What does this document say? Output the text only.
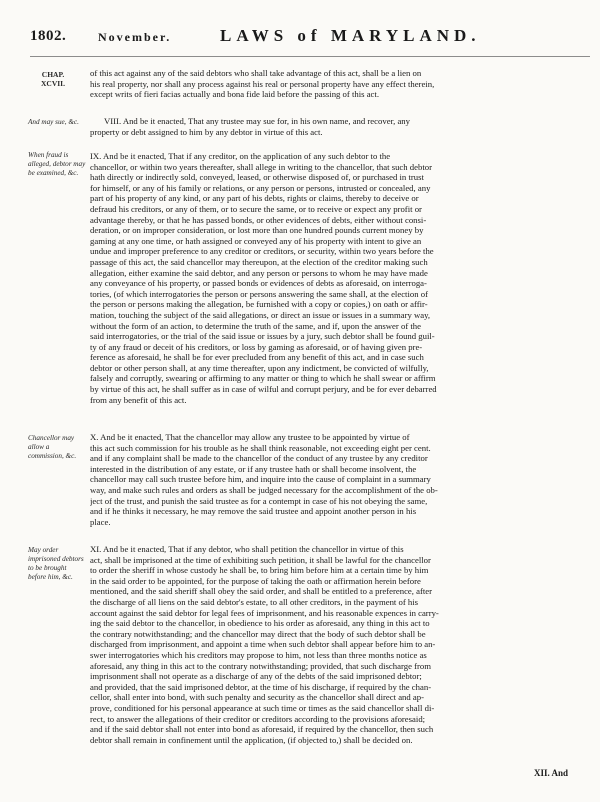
1802.	November.	LAWS of MARYLAND.
CHAP. XCVII.
And may sue, &c.
When fraud is alleged, debtor may be examined, &c.
Chancellor may allow a commission, &c.
May order imprisoned debtors to be brought before him, &c.
of this act against any of the said debtors who shall take advantage of this act, shall be a lien on
his real property, nor shall any process against his real or personal property have any effect therein,
except writs of fieri facias actually and bona fide laid before the passing of this act.
VIII. And be it enacted, That any trustee may sue for, in his own name, and recover, any
property or debt assigned to him by any debtor in virtue of this act.
IX. And be it enacted, That if any creditor, on the application of any such debtor to the
chancellor, or within two years thereafter, shall allege in writing to the chancellor, that such debtor
hath directly or indirectly sold, conveyed, leased, or otherwise disposed of, or purchased in trust
for himself, or any of his family or relations, or any person or persons, intrusted or concealed, any
part of his property of any kind, or any part of his debts, rights or claims, thereby to deceive or
defraud his creditors, or any of them, or to secure the same, or to receive or expect any profit or
advantage thereby, or that he has passed bonds, or other evidences of debts, either without consi-
deration, or on improper consideration, or lost more than one hundred pounds current money by
gaming at any one time, or hath assigned or conveyed any of his property with intent to give an
undue and improper preference to any creditor or creditors, or security, within two years before the
passage of this act, the said chancellor may thereupon, at the election of the creditor making such
allegation, either examine the said debtor, and any person or persons to whom he may have made
any conveyance of his property, or passed bonds or evidences of debts as aforesaid, on interroga-
tories, (of which interrogatories the person or persons answering the same shall, at the election of
the person or persons making the allegation, be furnished with a copy or copies,) on oath or affir-
mation, touching the subject of the said allegations, or direct an issue or issues in a summary way,
without the form of an action, to determine the truth of the same, and if, upon the answer of the
said interrogatories, or the trial of the said issue or issues by a jury, such debtor shall be found guil-
ty of any fraud or deceit of his creditors, or loss by gaming as aforesaid, or of having given pre-
ference as aforesaid, he shall be for ever precluded from any benefit of this act, and in case such
debtor or other person shall, at any time thereafter, upon any indictment, be convicted of wilfully,
falsely and corruptly, swearing or affirming to any matter or thing to which he shall swear or affirm
by virtue of this act, he shall suffer as in case of wilful and corrupt perjury, and be for ever debarred
from any benefit of this act.
X. And be it enacted, That the chancellor may allow any trustee to be appointed by virtue of
this act such commission for his trouble as he shall think reasonable, not exceeding eight per cent.
and if any complaint shall be made to the chancellor of the conduct of any trustee by any creditor
interested in the distribution of any estate, or if any trustee hath or shall become insolvent, the
chancellor may call such trustee before him, and inquire into the cause of complaint in a summary
way, and make such rules and orders as shall be judged necessary for the accomplishment of the ob-
ject of the trust, and punish the said trustee as for a contempt in case of his not obeying the same,
and if he thinks it necessary, he may remove the said trustee and appoint another person in his
place.
XI. And be it enacted, That if any debtor, who shall petition the chancellor in virtue of this
act, shall be imprisoned at the time of exhibiting such petition, it shall be lawful for the chancellor
to order the sheriff in whose custody he shall be, to bring him before him at a certain time by him
in the said order to be appointed, for the purpose of taking the oath or affirmation herein before
mentioned, and the said sheriff shall obey the said order, and shall be entitled to a preference, after
the discharge of all liens on the said debtor's estate, to all other creditors, in the payment of his
account against the said debtor for legal fees of imprisonment, and his reasonable expences in carry-
ing the said debtor to the chancellor, in obedience to his order as aforesaid, any thing in this act to
the contrary notwithstanding; and the chancellor may direct that the body of such debtor shall be
discharged from imprisonment, and appoint a time when such debtor shall appear before him to an-
swer interrogatories which his creditors may propose to him, not less than three months notice as
aforesaid, any thing in this act to the contrary notwithstanding; provided, that such discharge from
imprisonment shall not operate as a discharge of any of the debts of the said imprisoned debtor;
and provided, that the said imprisoned debtor, at the time of his discharge, if required by the chan-
cellor, shall enter into bond, with such penalty and security as the chancellor shall direct and ap-
prove, conditioned for his personal appearance at such time or times as the said chancellor shall di-
rect, to answer the allegations of their creditor or creditors according to the provisions aforesaid;
and if the said debtor shall not enter into bond as aforesaid, if required by the chancellor, then such
debtor shall remain in confinement until the application, (if objected to,) shall be decided on.
XII. And
